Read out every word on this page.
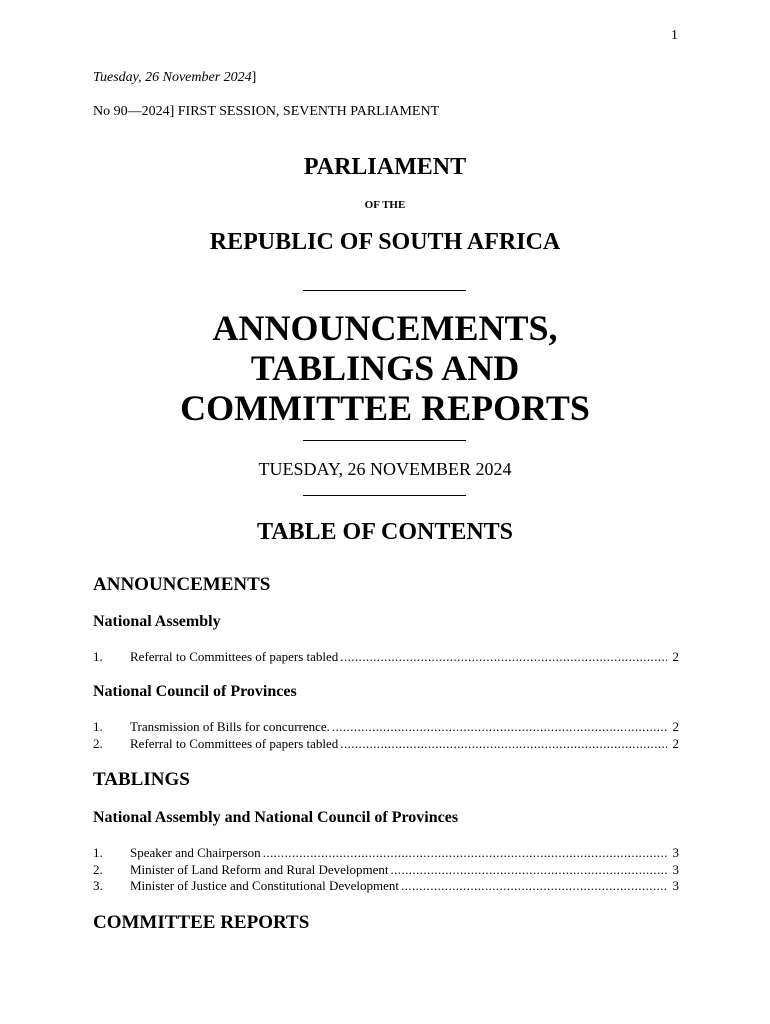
1
Tuesday, 26 November 2024]
No 90—2024] FIRST SESSION, SEVENTH PARLIAMENT
PARLIAMENT
OF THE
REPUBLIC OF SOUTH AFRICA
ANNOUNCEMENTS,
TABLINGS AND
COMMITTEE REPORTS
TUESDAY, 26 NOVEMBER 2024
TABLE OF CONTENTS
ANNOUNCEMENTS
National Assembly
1.	Referral to Committees of papers tabled .....	2
National Council of Provinces
1.	Transmission of Bills for concurrence. .....	2
2.	Referral to Committees of papers tabled .....	2
TABLINGS
National Assembly and National Council of Provinces
1.	Speaker and Chairperson .....	3
2.	Minister of Land Reform and Rural Development .....	3
3.	Minister of Justice and Constitutional Development .....	3
COMMITTEE REPORTS
